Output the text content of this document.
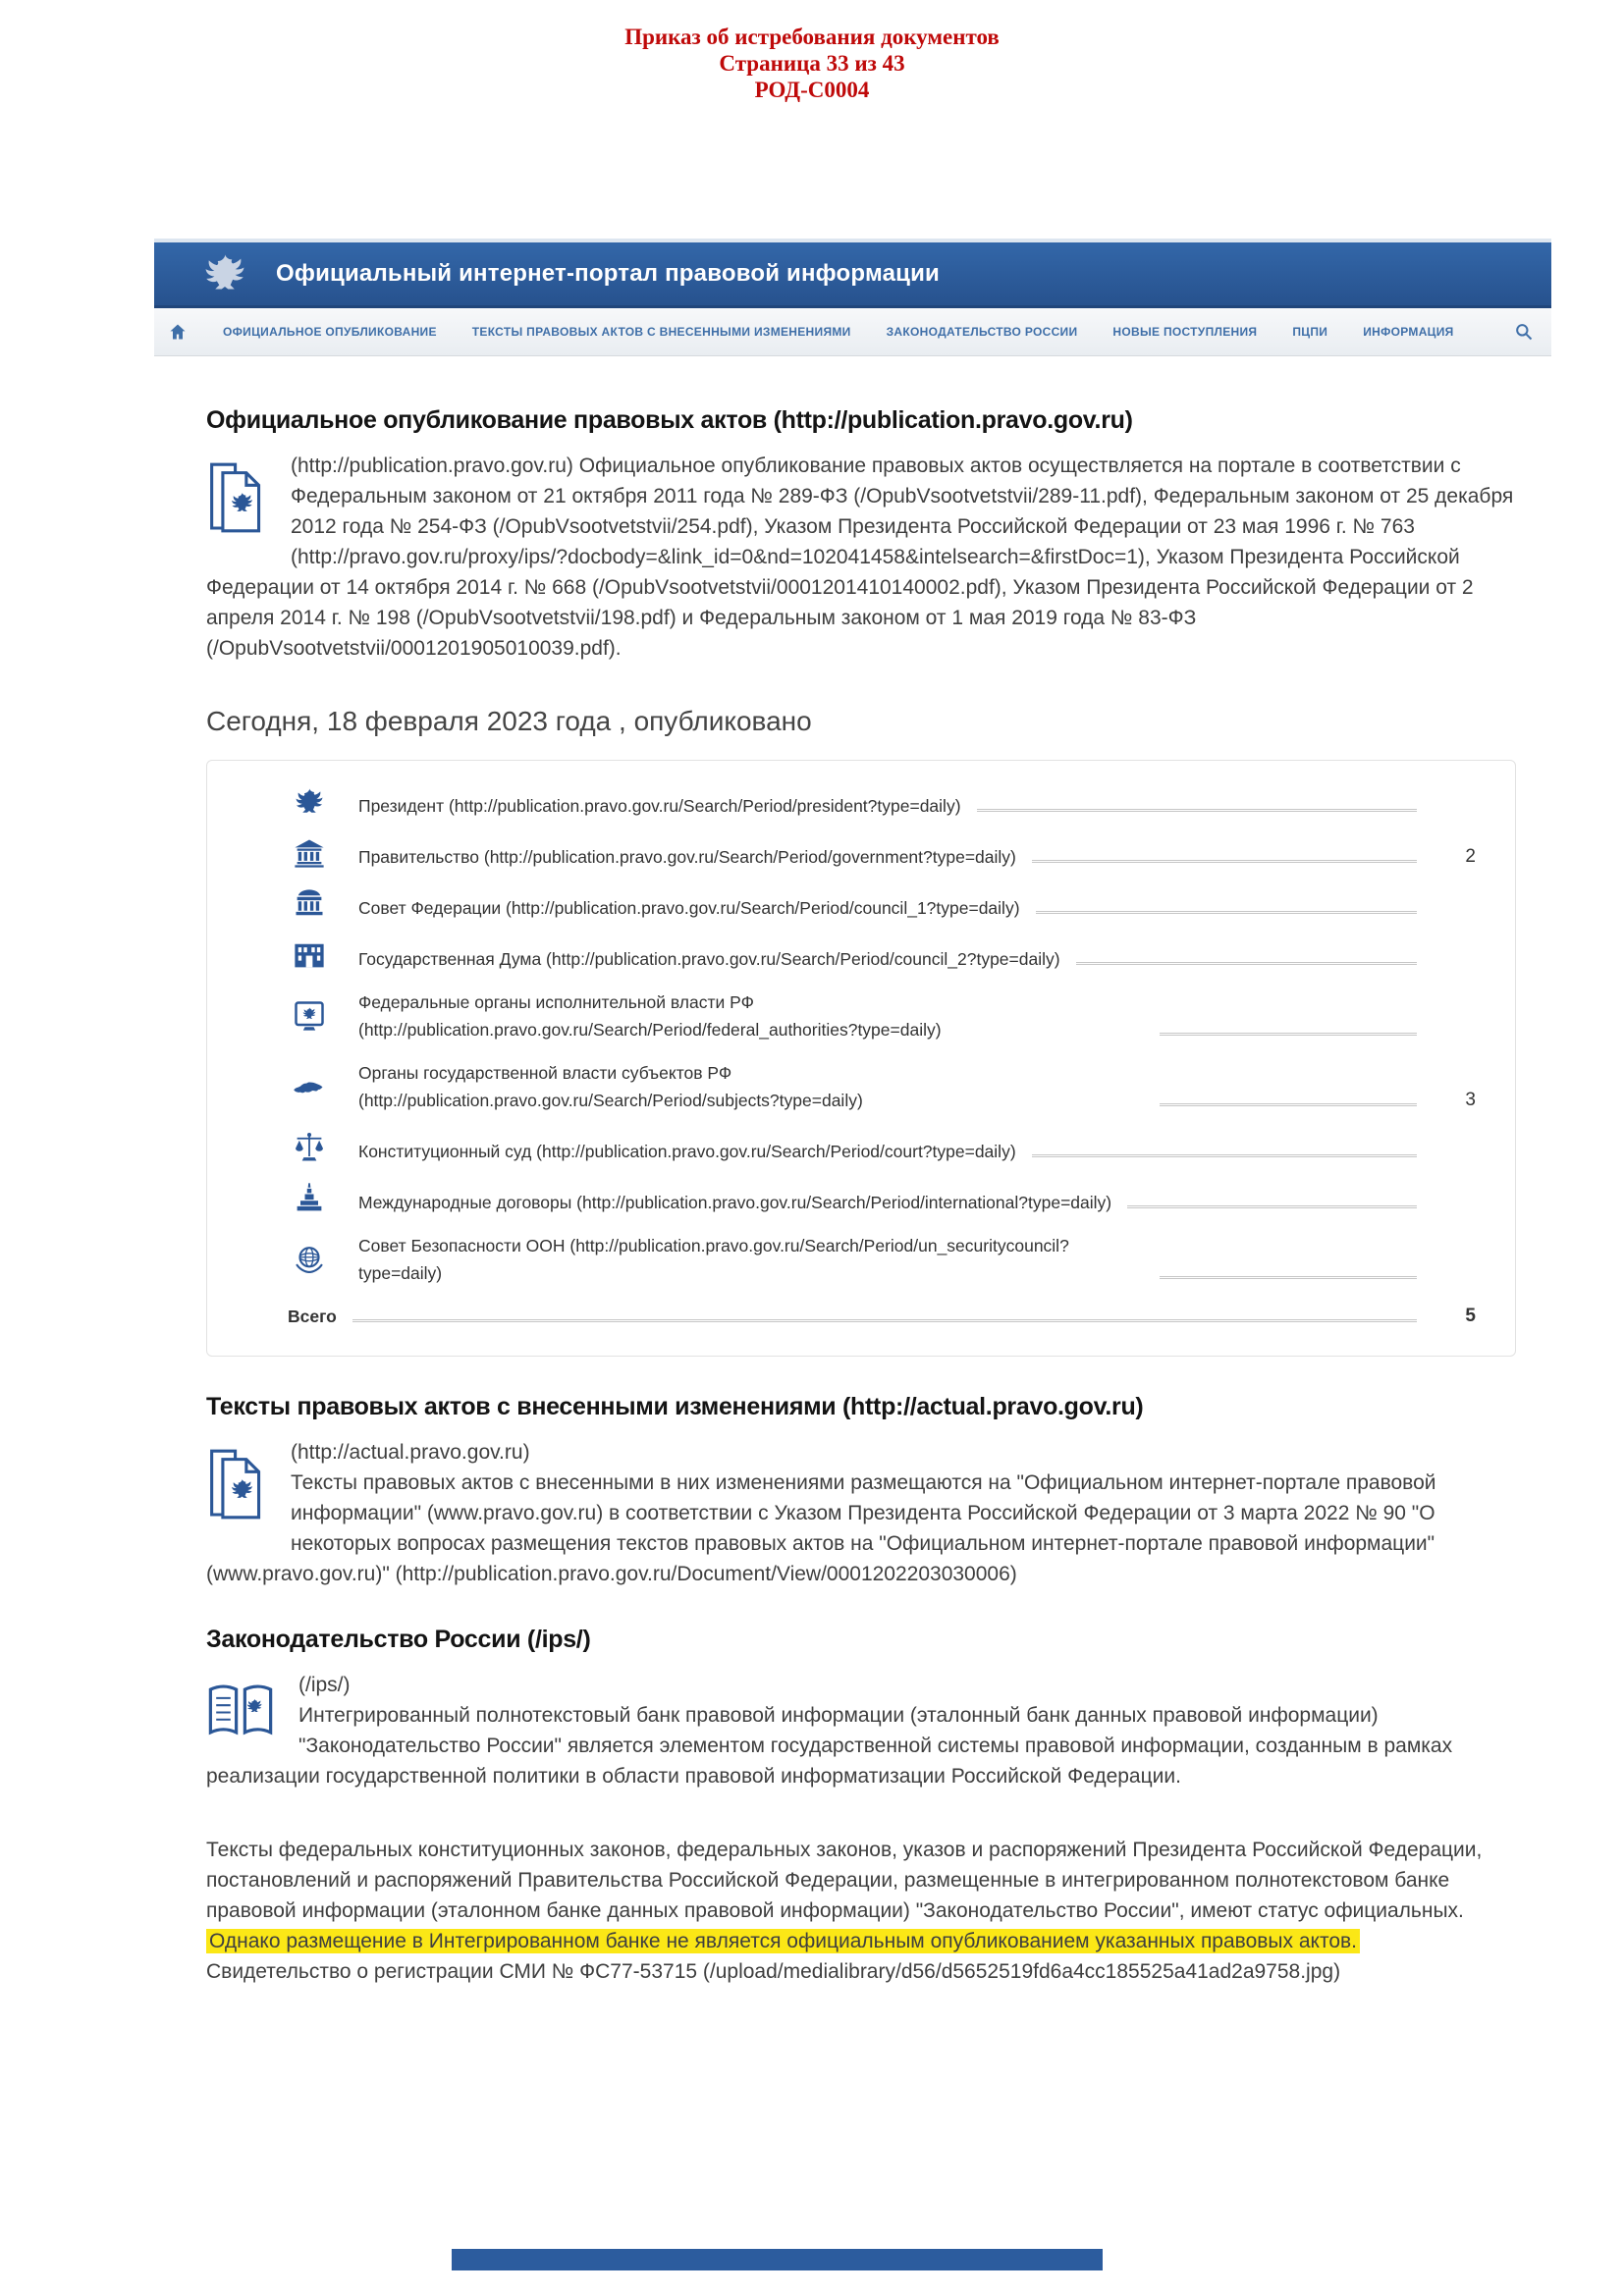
Приказ об истребования документов
Страница 33 из 43
РОД-С0004
Официальный интернет-портал правовой информации
ОФИЦИАЛЬНОЕ ОПУБЛИКОВАНИЕ	ТЕКСТЫ ПРАВОВЫХ АКТОВ С ВНЕСЕННЫМИ ИЗМЕНЕНИЯМИ	ЗАКОНОДАТЕЛЬСТВО РОССИИ	НОВЫЕ ПОСТУПЛЕНИЯ	ПЦПИ	ИНФОРМАЦИЯ
Официальное опубликование правовых актов (http://publication.pravo.gov.ru)
(http://publication.pravo.gov.ru) Официальное опубликование правовых актов осуществляется на портале в соответствии с Федеральным законом от 21 октября 2011 года № 289-ФЗ (/OpubVsootvetstvii/289-11.pdf), Федеральным законом от 25 декабря 2012 года № 254-ФЗ (/OpubVsootvetstvii/254.pdf), Указом Президента Российской Федерации от 23 мая 1996 г. № 763 (http://pravo.gov.ru/proxy/ips/?docbody=&link_id=0&nd=102041458&intelsearch=&firstDoc=1), Указом Президента Российской Федерации от 14 октября 2014 г. № 668 (/OpubVsootvetstvii/0001201410140002.pdf), Указом Президента Российской Федерации от 2 апреля 2014 г. № 198 (/OpubVsootvetstvii/198.pdf) и Федеральным законом от 1 мая 2019 года № 83-ФЗ (/OpubVsootvetstvii/0001201905010039.pdf).
Сегодня, 18 февраля 2023 года , опубликовано
Президент (http://publication.pravo.gov.ru/Search/Period/president?type=daily)
Правительство (http://publication.pravo.gov.ru/Search/Period/government?type=daily)	2
Совет Федерации (http://publication.pravo.gov.ru/Search/Period/council_1?type=daily)
Государственная Дума (http://publication.pravo.gov.ru/Search/Period/council_2?type=daily)
Федеральные органы исполнительной власти РФ (http://publication.pravo.gov.ru/Search/Period/federal_authorities?type=daily)
Органы государственной власти субъектов РФ (http://publication.pravo.gov.ru/Search/Period/subjects?type=daily)	3
Конституционный суд (http://publication.pravo.gov.ru/Search/Period/court?type=daily)
Международные договоры (http://publication.pravo.gov.ru/Search/Period/international?type=daily)
Совет Безопасности ООН (http://publication.pravo.gov.ru/Search/Period/un_securitycouncil?type=daily)
Всего	5
Тексты правовых актов с внесенными изменениями (http://actual.pravo.gov.ru)
(http://actual.pravo.gov.ru)
Тексты правовых актов с внесенными в них изменениями размещаются на "Официальном интернет-портале правовой информации" (www.pravo.gov.ru) в соответствии с Указом Президента Российской Федерации от 3 марта 2022 № 90 "О некоторых вопросах размещения текстов правовых актов на "Официальном интернет-портале правовой информации" (www.pravo.gov.ru)" (http://publication.pravo.gov.ru/Document/View/0001202203030006)
Законодательство России (/ips/)
(/ips/)
Интегрированный полнотекстовый банк правовой информации (эталонный банк данных правовой информации) "Законодательство России" является элементом государственной системы правовой информации, созданным в рамках реализации государственной политики в области правовой информатизации Российской Федерации.
Тексты федеральных конституционных законов, федеральных законов, указов и распоряжений Президента Российской Федерации, постановлений и распоряжений Правительства Российской Федерации, размещенные в интегрированном полнотекстовом банке правовой информации (эталонном банке данных правовой информации) "Законодательство России", имеют статус официальных. Однако размещение в Интегрированном банке не является официальным опубликованием указанных правовых актов.
Свидетельство о регистрации СМИ № ФС77-53715 (/upload/medialibrary/d56/d5652519fd6a4cc185525a41ad2a9758.jpg)
